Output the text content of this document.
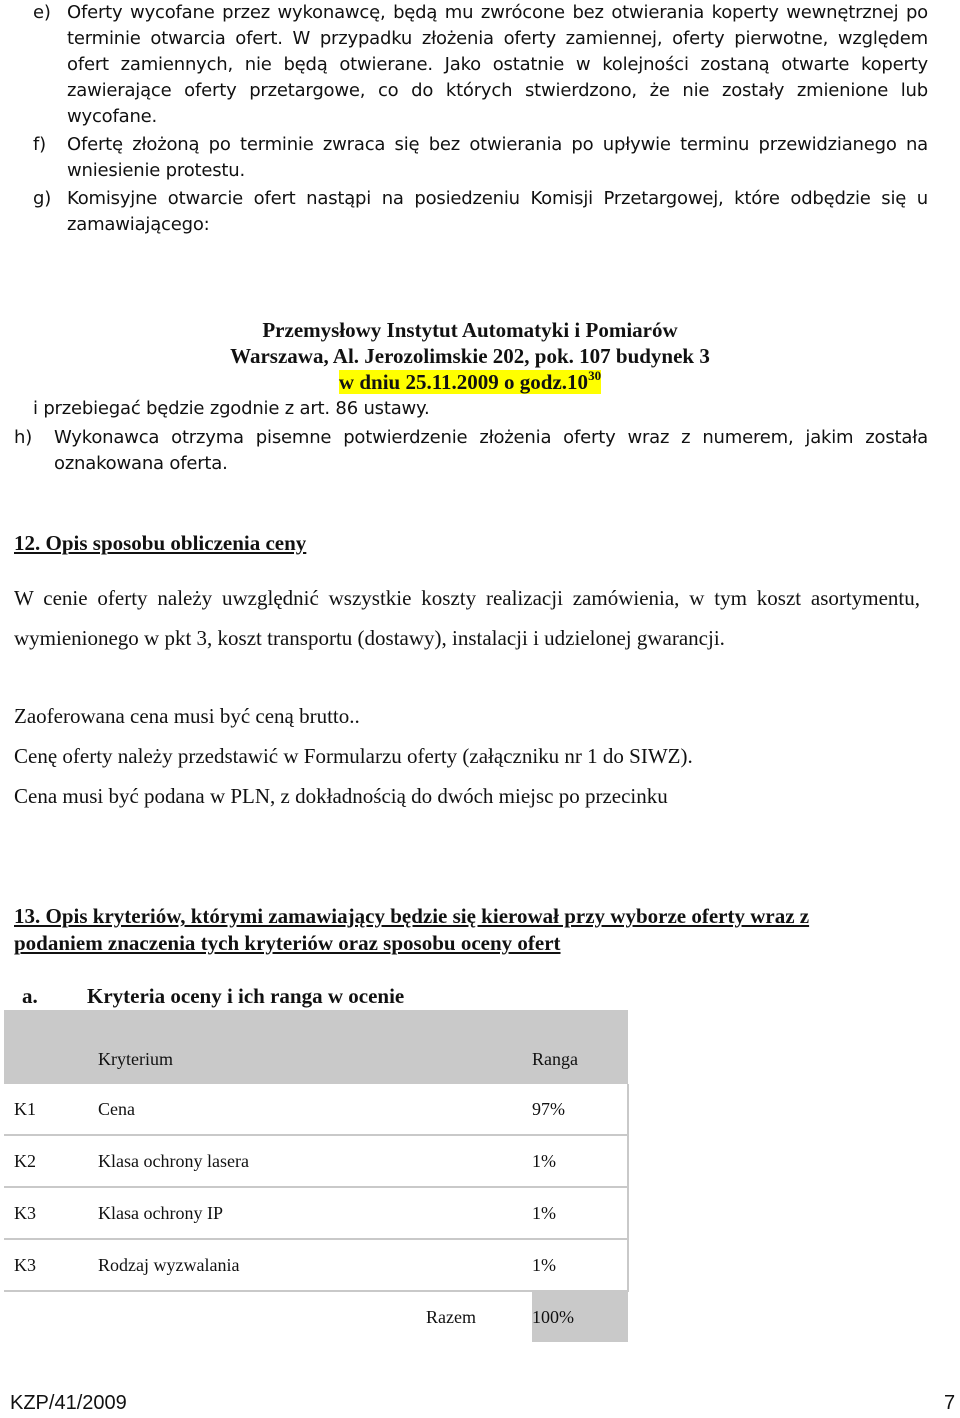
e) Oferty wycofane przez wykonawcę, będą mu zwrócone bez otwierania koperty wewnętrznej po terminie otwarcia ofert. W przypadku złożenia oferty zamiennej, oferty pierwotne, względem ofert zamiennych, nie będą otwierane. Jako ostatnie w kolejności zostaną otwarte koperty zawierające oferty przetargowe, co do których stwierdzono, że nie zostały zmienione lub wycofane.
f) Ofertę złożoną po terminie zwraca się bez otwierania po upływie terminu przewidzianego na wniesienie protestu.
g) Komisyjne otwarcie ofert nastąpi na posiedzeniu Komisji Przetargowej, które odbędzie się u zamawiającego:
Przemysłowy Instytut Automatyki i Pomiarów
Warszawa, Al. Jerozolimskie 202, pok. 107 budynek 3
w dniu 25.11.2009 o $godz.10^{30}$
i przebiegać będzie zgodnie z art. 86 ustawy.
h) Wykonawca otrzyma pisemne potwierdzenie złożenia oferty wraz z numerem, jakim została oznakowana oferta.
12. Opis sposobu obliczenia ceny
W cenie oferty należy uwzględnić wszystkie koszty realizacji zamówienia, w tym koszt asortymentu, wymienionego w pkt 3, koszt transportu (dostawy), instalacji i udzielonej gwarancji.
Zaoferowana cena musi być ceną brutto..
Cenę oferty należy przedstawić w Formularzu oferty (załączniku nr 1 do SIWZ).
Cena musi być podana w PLN, z dokładnością do dwóch miejsc po przecinku
13. Opis kryteriów, którymi zamawiający będzie się kierował przy wyborze oferty wraz z
podaniem znaczenia tych kryteriów oraz sposobu oceny ofert
a. Kryteria oceny i ich ranga w ocenie
	Kryterium	Ranga
K1	Cena	97%
K2	Klasa ochrony lasera	1%
K3	Klasa ochrony IP	1%
K3	Rodzaj wyzwalania	1%
	Razem	100%
KZP/41/2009	7
